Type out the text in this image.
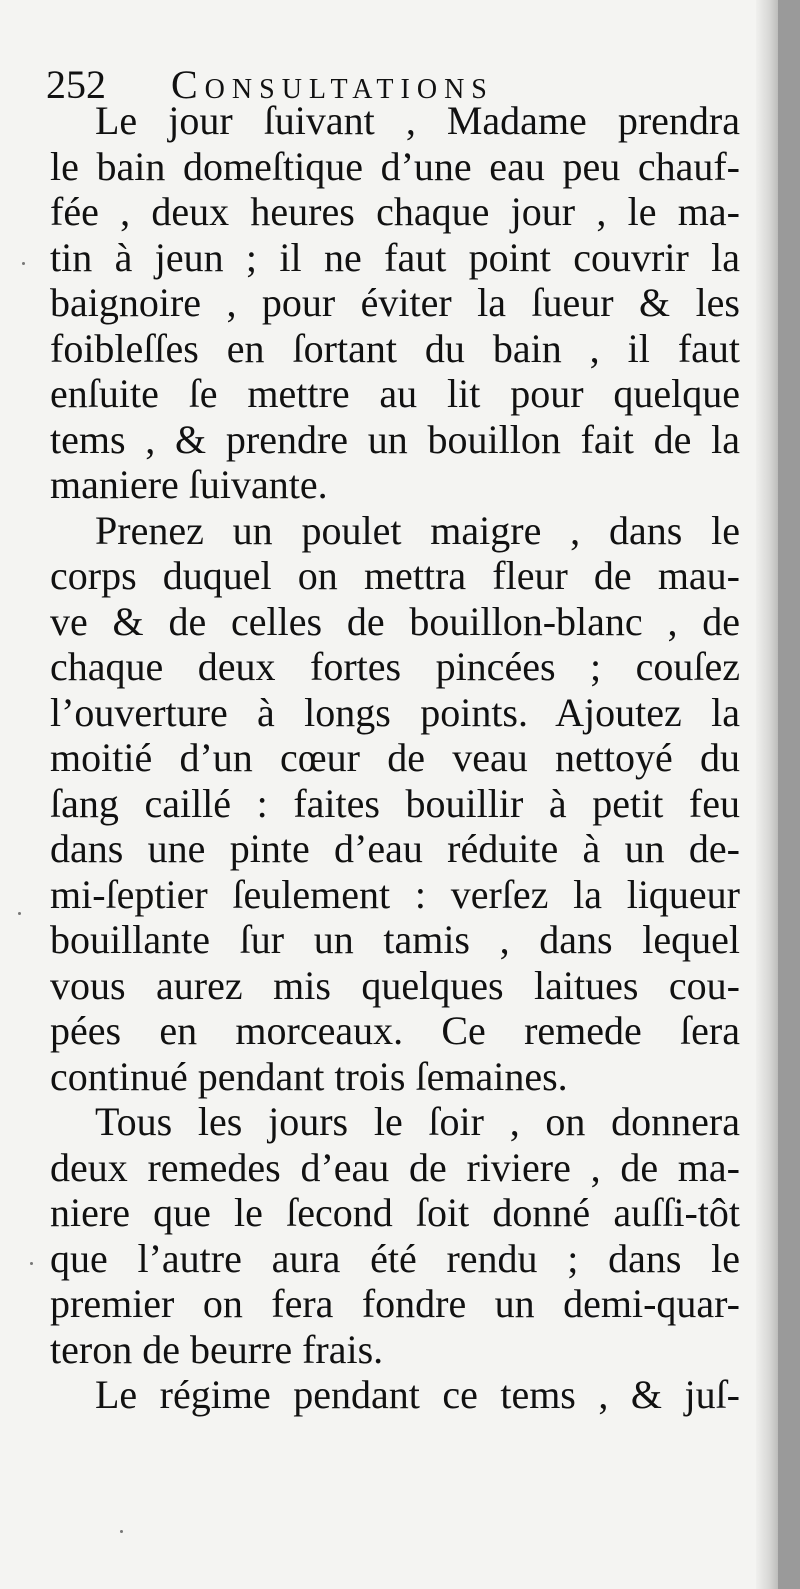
252 Consultations
Le jour ſuivant , Madame prendra
le bain domeſtique d’une eau peu chauf-
fée , deux heures chaque jour , le ma-
tin à jeun ; il ne faut point couvrir la
baignoire , pour éviter la ſueur & les
foibleſſes en ſortant du bain , il faut
enſuite ſe mettre au lit pour quelque
tems , & prendre un bouillon fait de la
maniere ſuivante.
Prenez un poulet maigre , dans le
corps duquel on mettra fleur de mau-
ve & de celles de bouillon-blanc , de
chaque deux fortes pincées ; couſez
l’ouverture à longs points. Ajoutez la
moitié d’un cœur de veau nettoyé du
ſang caillé : faites bouillir à petit feu
dans une pinte d’eau réduite à un de-
mi-ſeptier ſeulement : verſez la liqueur
bouillante ſur un tamis , dans lequel
vous aurez mis quelques laitues cou-
pées en morceaux. Ce remede ſera
continué pendant trois ſemaines.
Tous les jours le ſoir , on donnera
deux remedes d’eau de riviere , de ma-
niere que le ſecond ſoit donné auſſi-tôt
que l’autre aura été rendu ; dans le
premier on fera fondre un demi-quar-
teron de beurre frais.
Le régime pendant ce tems , & juſ-
